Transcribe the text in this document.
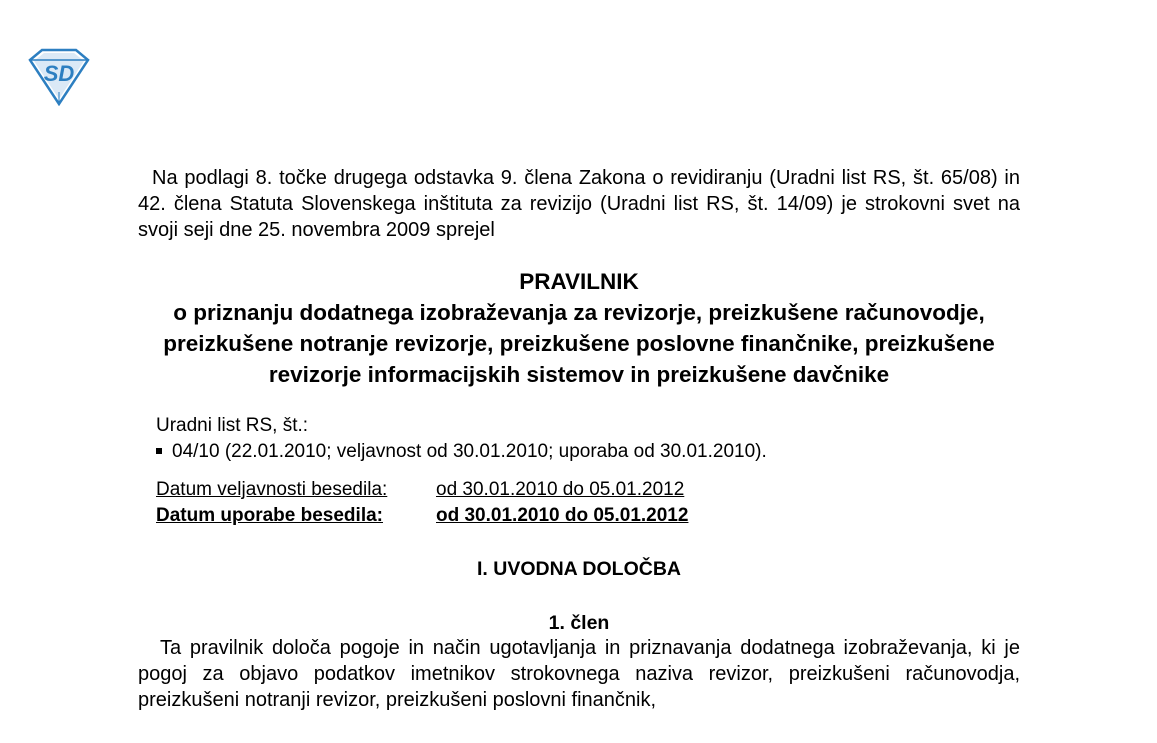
SD

Na podlagi 8. točke drugega odstavka 9. člena Zakona o revidiranju (Uradni list RS, št. 65/08) in 42. člena Statuta Slovenskega inštituta za revizijo (Uradni list RS, št. 14/09) je strokovni svet na svoji seji dne 25. novembra 2009 sprejel

PRAVILNIK
o priznanju dodatnega izobraževanja za revizorje, preizkušene računovodje, preizkušene notranje revizorje, preizkušene poslovne finančnike, preizkušene revizorje informacijskih sistemov in preizkušene davčnike
Uradni list RS, št.:
04/10 (22.01.2010; veljavnost od 30.01.2010; uporaba od 30.01.2010).
Datum veljavnosti besedila:	od 30.01.2010 do 05.01.2012
Datum uporabe besedila:	od 30.01.2010 do 05.01.2012
I. UVODNA DOLOČBA
1. člen

Ta pravilnik določa pogoje in način ugotavljanja in priznavanja dodatnega izobraževanja, ki je pogoj za objavo podatkov imetnikov strokovnega naziva revizor, preizkušeni računovodja, preizkušeni notranji revizor, preizkušeni poslovni finančnik,
